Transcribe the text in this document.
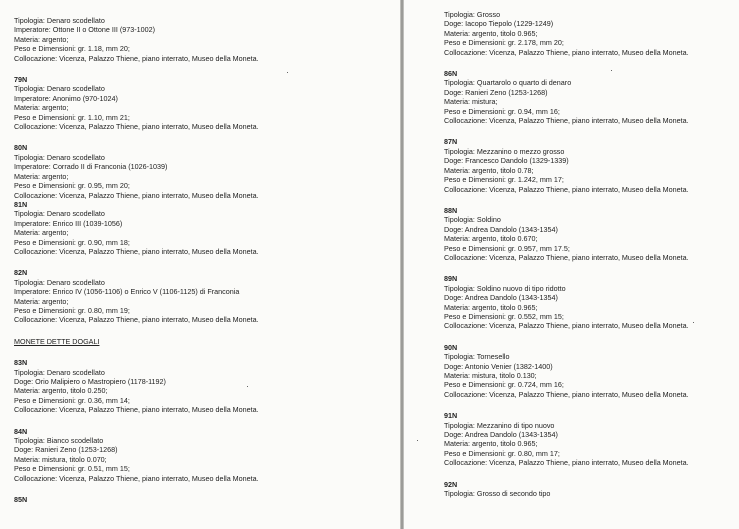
Tipologia: Denaro scodellato
Imperatore: Ottone II o Ottone III (973-1002)
Materia: argento;
Peso e Dimensioni: gr. 1.18, mm 20;
Collocazione: Vicenza, Palazzo Thiene, piano interrato, Museo della Moneta.
79N
Tipologia: Denaro scodellato
Imperatore: Anonimo (970-1024)
Materia: argento;
Peso e Dimensioni: gr. 1.10, mm 21;
Collocazione: Vicenza, Palazzo Thiene, piano interrato, Museo della Moneta.
80N
Tipologia: Denaro scodellato
Imperatore: Corrado II di Franconia (1026-1039)
Materia: argento;
Peso e Dimensioni: gr. 0.95, mm 20;
Collocazione: Vicenza, Palazzo Thiene, piano interrato, Museo della Moneta.
81N
Tipologia: Denaro scodellato
Imperatore: Enrico III (1039-1056)
Materia: argento;
Peso e Dimensioni: gr. 0.90, mm 18;
Collocazione: Vicenza, Palazzo Thiene, piano interrato, Museo della Moneta.
82N
Tipologia: Denaro scodellato
Imperatore: Enrico IV (1056-1106) o Enrico V (1106-1125) di Franconia
Materia: argento;
Peso e Dimensioni: gr. 0.80, mm 19;
Collocazione: Vicenza, Palazzo Thiene, piano interrato, Museo della Moneta.
MONETE DETTE DOGALI
83N
Tipologia: Denaro scodellato
Doge: Orio Malipiero o Mastropiero (1178-1192)
Materia: argento, titolo 0.250;
Peso e Dimensioni: gr. 0.36, mm 14;
Collocazione: Vicenza, Palazzo Thiene, piano interrato, Museo della Moneta.
84N
Tipologia: Bianco scodellato
Doge: Ranieri Zeno (1253-1268)
Materia: mistura, titolo 0.070;
Peso e Dimensioni: gr. 0.51, mm 15;
Collocazione: Vicenza, Palazzo Thiene, piano interrato, Museo della Moneta.
85N
Tipologia: Grosso
Doge: Iacopo Tiepolo (1229-1249)
Materia: argento, titolo 0.965;
Peso e Dimensioni: gr. 2.178, mm 20;
Collocazione: Vicenza, Palazzo Thiene, piano interrato, Museo della Moneta.
86N
Tipologia: Quartarolo o quarto di denaro
Doge: Ranieri Zeno (1253-1268)
Materia: mistura;
Peso e Dimensioni: gr. 0.94, mm 16;
Collocazione: Vicenza, Palazzo Thiene, piano interrato, Museo della Moneta.
87N
Tipologia: Mezzanino o mezzo grosso
Doge: Francesco Dandolo (1329-1339)
Materia: argento, titolo 0.78;
Peso e Dimensioni: gr. 1.242, mm 17;
Collocazione: Vicenza, Palazzo Thiene, piano interrato, Museo della Moneta.
88N
Tipologia: Soldino
Doge: Andrea Dandolo (1343-1354)
Materia: argento, titolo 0.670;
Peso e Dimensioni: gr. 0.957, mm 17.5;
Collocazione: Vicenza, Palazzo Thiene, piano interrato, Museo della Moneta.
89N
Tipologia: Soldino nuovo di tipo ridotto
Doge: Andrea Dandolo (1343-1354)
Materia: argento, titolo 0.965;
Peso e Dimensioni: gr. 0.552, mm 15;
Collocazione: Vicenza, Palazzo Thiene, piano interrato, Museo della Moneta.
90N
Tipologia: Tornesello
Doge: Antonio Venier (1382-1400)
Materia: mistura, titolo 0.130;
Peso e Dimensioni: gr. 0.724, mm 16;
Collocazione: Vicenza, Palazzo Thiene, piano interrato, Museo della Moneta.
91N
Tipologia: Mezzanino di tipo nuovo
Doge: Andrea Dandolo (1343-1354)
Materia: argento, titolo 0.965;
Peso e Dimensioni: gr. 0.80, mm 17;
Collocazione: Vicenza, Palazzo Thiene, piano interrato, Museo della Moneta.
92N
Tipologia: Grosso di secondo tipo
